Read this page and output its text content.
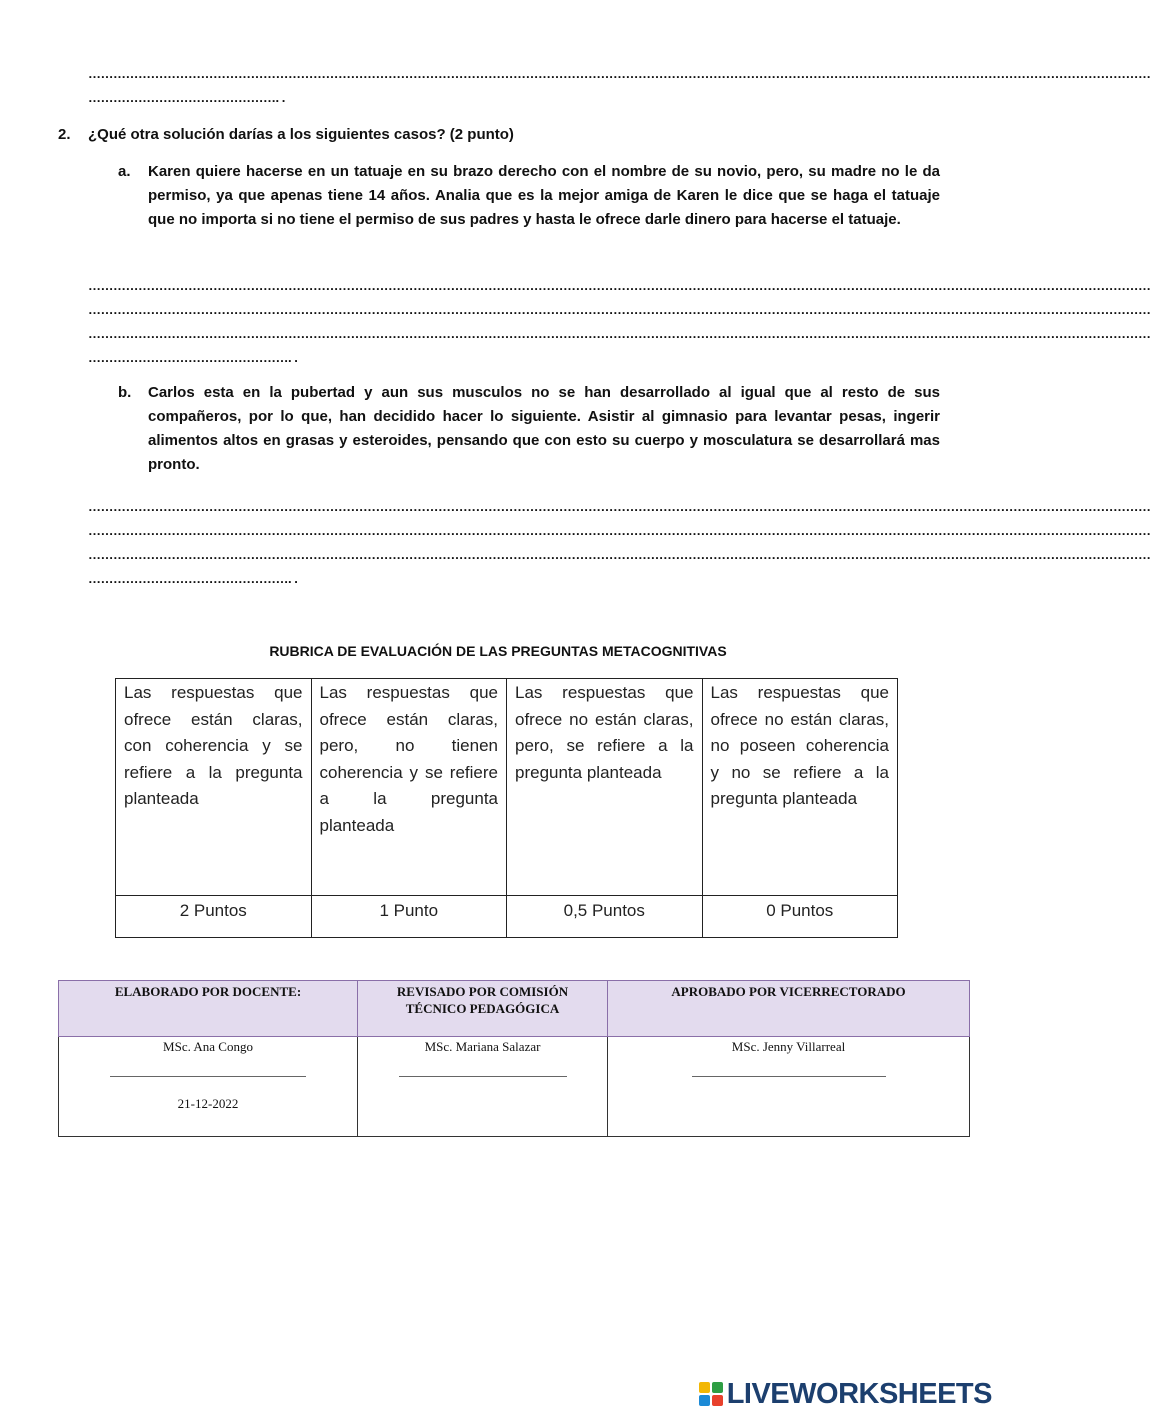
…………………………………………………………………………………………………………………………………………………………………………………………………………………………………
………………………………………. .
2. ¿Qué otra solución darías a los siguientes casos? (2 punto)
a. Karen quiere hacerse en un tatuaje en su brazo derecho con el nombre de su novio, pero, su madre no le da permiso, ya que apenas tiene 14 años. Analia que es la mejor amiga de Karen le dice que se haga el tatuaje que no importa si no tiene el permiso de sus padres y hasta le ofrece darle dinero para hacerse el tatuaje.
…………………………………………………………………………………………………………………………………………………………………………………………………………………………………
…………………………………………………………………………………………………………………………………………………………………………………………………………………………………
…………………………………………………………………………………………………………………………………………………………………………………………………………………………………
…………………………………………. .
b. Carlos esta en la pubertad y aun sus musculos no se han desarrollado al igual que al resto de sus compañeros, por lo que, han decidido hacer lo siguiente. Asistir al gimnasio para levantar pesas, ingerir alimentos altos en grasas y esteroides, pensando que con esto su cuerpo y mosculatura se desarrollará mas pronto.
…………………………………………………………………………………………………………………………………………………………………………………………………………………………………
…………………………………………………………………………………………………………………………………………………………………………………………………………………………………
…………………………………………………………………………………………………………………………………………………………………………………………………………………………………
…………………………………………. .
RUBRICA DE EVALUACIÓN DE LAS PREGUNTAS METACOGNITIVAS
Las respuestas que ofrece están claras, con coherencia y se refiere a la pregunta planteada	Las respuestas que ofrece están claras, pero, no tienen coherencia y se refiere a la pregunta planteada	Las respuestas que ofrece no están claras, pero, se refiere a la pregunta planteada	Las respuestas que ofrece no están claras, no poseen coherencia y no se refiere a la pregunta planteada
2 Puntos	1 Punto	0,5 Puntos	0 Puntos
ELABORADO POR DOCENTE:	REVISADO POR COMISIÓN TÉCNICO PEDAGÓGICA	APROBADO POR VICERRECTORADO
MSc. Ana Congo
21-12-2022	MSc. Mariana Salazar	MSc. Jenny Villarreal
LIVEWORKSHEETS
